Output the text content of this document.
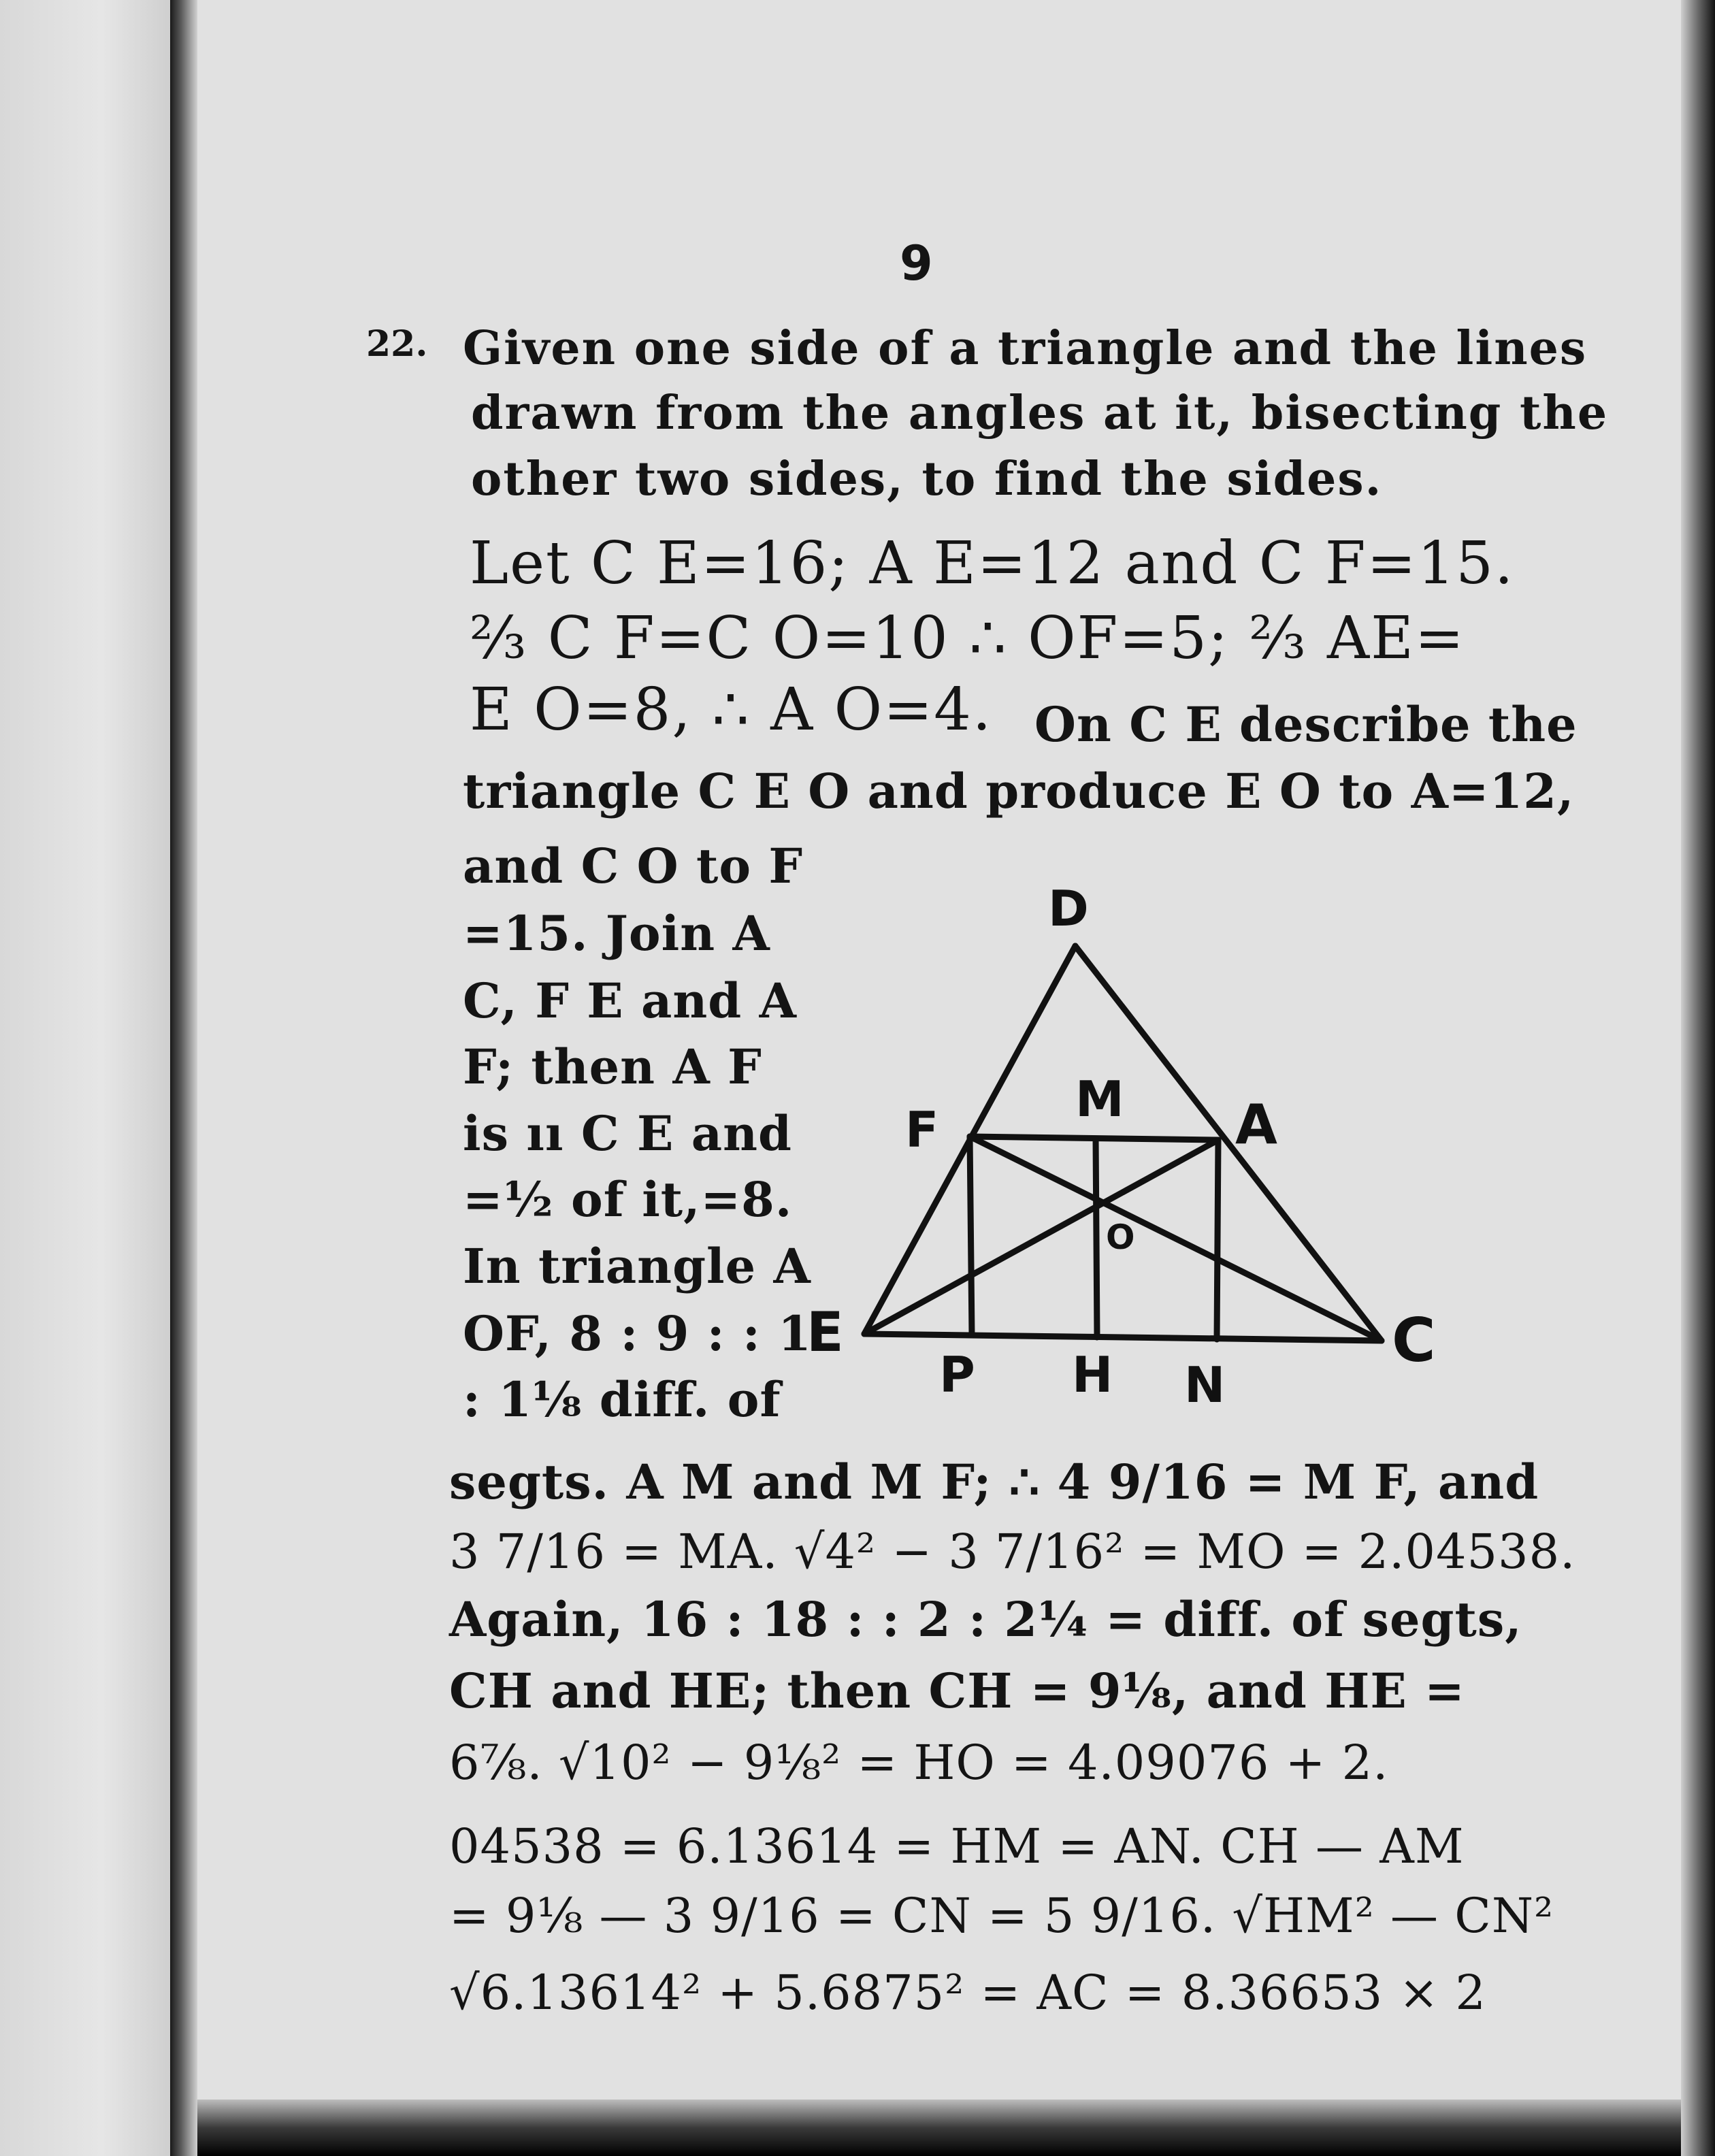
9

22. Given one side of a triangle and the lines

drawn from the angles at it, bisecting the

other two sides, to find the sides.

Let C E=16; A E=12 and C F=15.

⅔ C F=C O=10 ∴ OF=5; ⅔ AE=

E O=8, ∴ A O=4. On C E describe the

triangle C E O and produce E O to A=12,

and C O to F

=15. Join A

C, F E and A

F; then A F

is ıı C E and

=½ of it,=8.

In triangle A

OF, 8 : 9 : : 1

: 1⅛ diff. of

D
F
M A
O
E
P H N
C

segts. A M and M F; ∴ 4 9/16 = M F, and

3 7/16 = MA. √4² − 3 7/16² = MO = 2.04538.

Again, 16 : 18 : : 2 : 2¼ = diff. of segts,

CH and HE; then CH = 9⅛, and HE =

6⅞. √10² − 9⅛² = HO = 4.09076 + 2.

04538 = 6.13614 = HM = AN. CH — AM

= 9⅛ — 3 9/16 = CN = 5 9/16. √HM² — CN²

√6.13614² + 5.6875² = AC = 8.36653 × 2
